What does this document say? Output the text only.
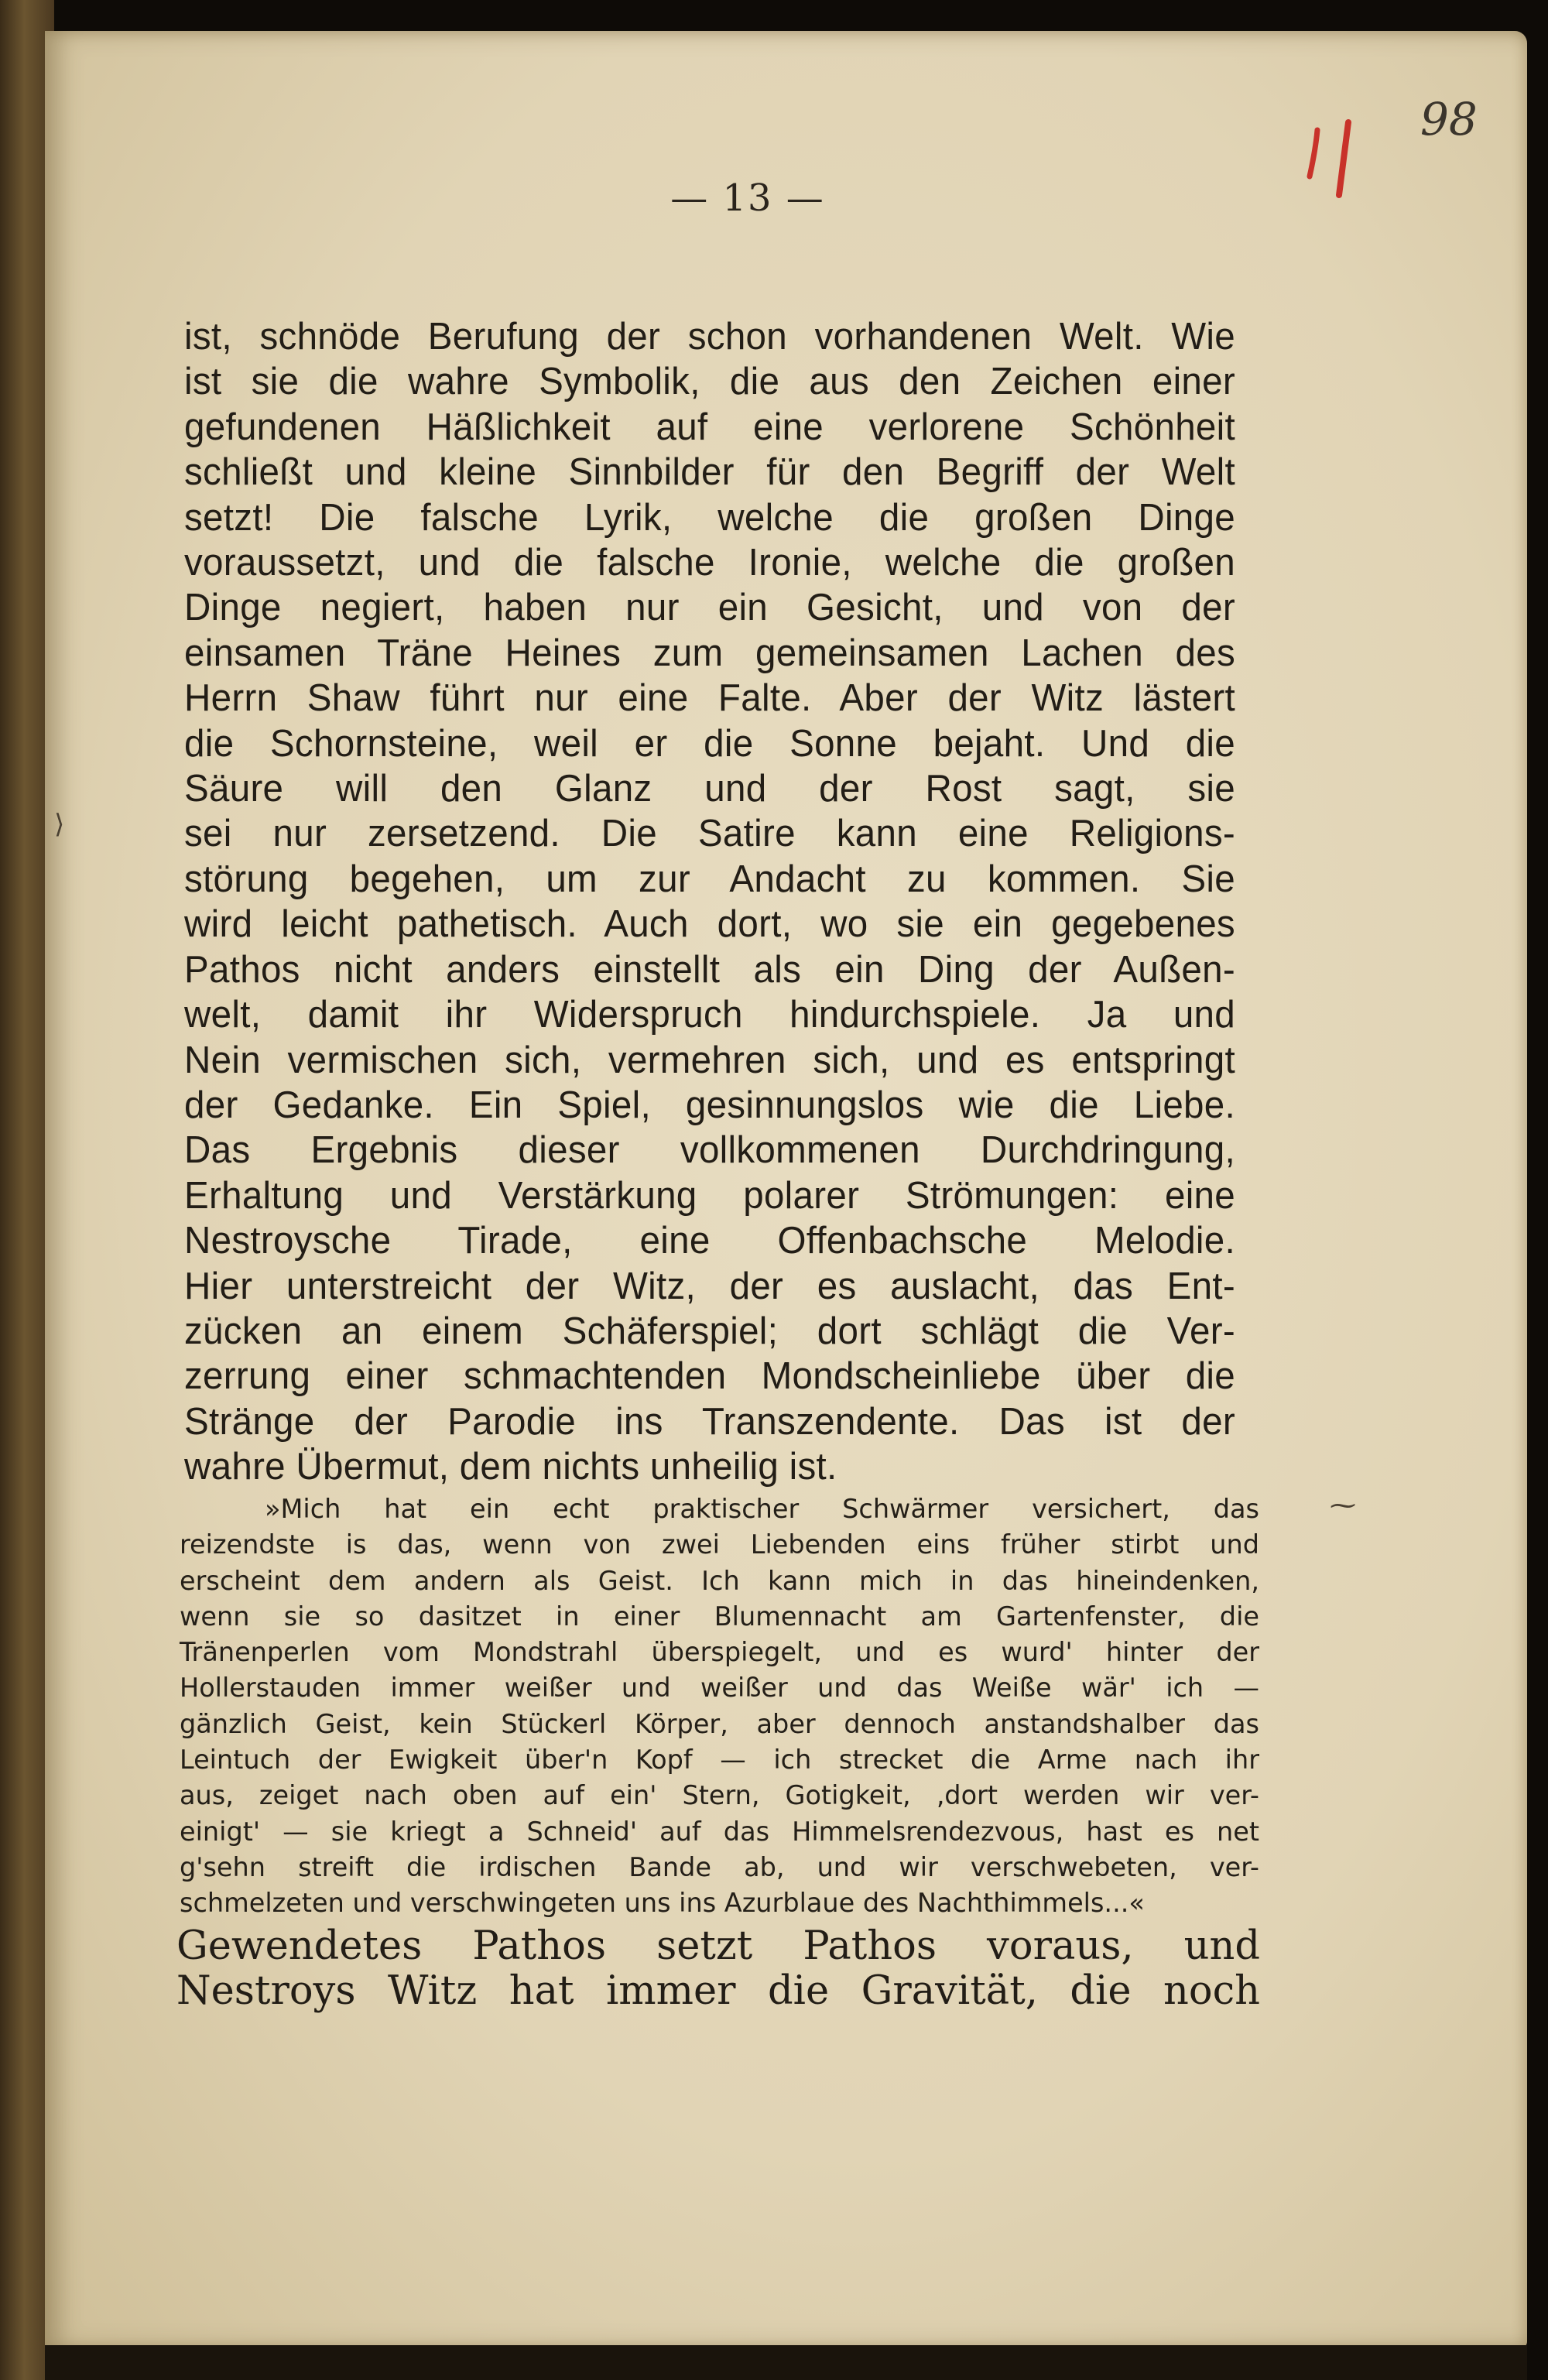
— 13 —
98
ist, schnöde Berufung der schon vorhandenen Welt. Wie
ist sie die wahre Symbolik, die aus den Zeichen einer
gefundenen Häßlichkeit auf eine verlorene Schönheit
schließt und kleine Sinnbilder für den Begriff der Welt
setzt! Die falsche Lyrik, welche die großen Dinge
voraussetzt, und die falsche Ironie, welche die großen
Dinge negiert, haben nur ein Gesicht, und von der
einsamen Träne Heines zum gemeinsamen Lachen des
Herrn Shaw führt nur eine Falte. Aber der Witz lästert
die Schornsteine, weil er die Sonne bejaht. Und die
Säure will den Glanz und der Rost sagt, sie
sei nur zersetzend. Die Satire kann eine Religions-
störung begehen, um zur Andacht zu kommen. Sie
wird leicht pathetisch. Auch dort, wo sie ein gegebenes
Pathos nicht anders einstellt als ein Ding der Außen-
welt, damit ihr Widerspruch hindurchspiele. Ja und
Nein vermischen sich, vermehren sich, und es entspringt
der Gedanke. Ein Spiel, gesinnungslos wie die Liebe.
Das Ergebnis dieser vollkommenen Durchdringung,
Erhaltung und Verstärkung polarer Strömungen: eine
Nestroysche Tirade, eine Offenbachsche Melodie.
Hier unterstreicht der Witz, der es auslacht, das Ent-
zücken an einem Schäferspiel; dort schlägt die Ver-
zerrung einer schmachtenden Mondscheinliebe über die
Stränge der Parodie ins Transzendente. Das ist der
wahre Übermut, dem nichts unheilig ist.
»Mich hat ein echt praktischer Schwärmer versichert, das
reizendste is das, wenn von zwei Liebenden eins früher stirbt und
erscheint dem andern als Geist. Ich kann mich in das hineindenken,
wenn sie so dasitzet in einer Blumennacht am Gartenfenster, die
Tränenperlen vom Mondstrahl überspiegelt, und es wurd' hinter der
Hollerstauden immer weißer und weißer und das Weiße wär' ich —
gänzlich Geist, kein Stückerl Körper, aber dennoch anstandshalber das
Leintuch der Ewigkeit über'n Kopf — ich strecket die Arme nach ihr
aus, zeiget nach oben auf ein' Stern, Gotigkeit, ‚dort werden wir ver-
einigt' — sie kriegt a Schneid' auf das Himmelsrendezvous, hast es net
g'sehn streift die irdischen Bande ab, und wir verschwebeten, ver-
schmelzeten und verschwingeten uns ins Azurblaue des Nachthimmels...«
Gewendetes Pathos setzt Pathos voraus, und
Nestroys Witz hat immer die Gravität, die noch
⁓
⟩
